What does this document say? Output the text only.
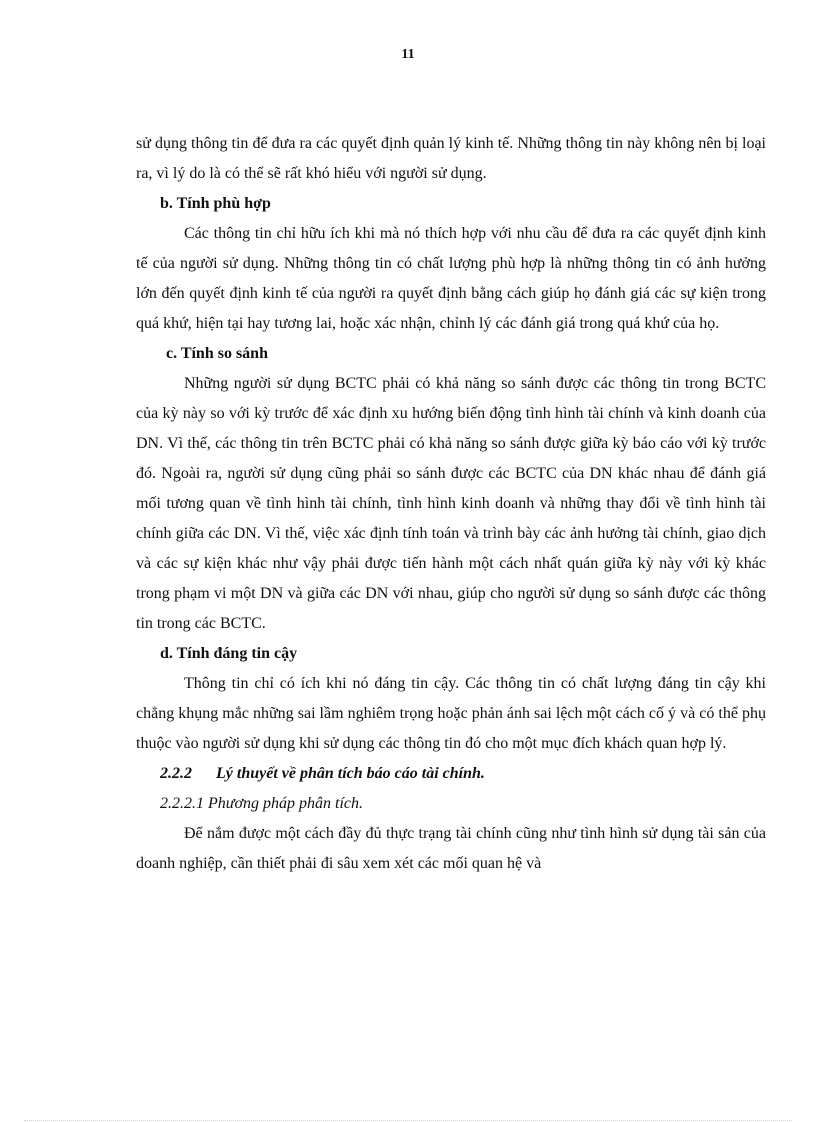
11

sử dụng thông tin để đưa ra các quyết định quản lý kinh tế. Những thông tin này không nên bị loại ra, vì lý do là có thể sẽ rất khó hiểu với người sử dụng.

b. Tính phù hợp

Các thông tin chỉ hữu ích khi mà nó thích hợp với nhu cầu để đưa ra các quyết định kinh tế của người sử dụng. Những thông tin có chất lượng phù hợp là những thông tin có ảnh hưởng lớn đến quyết định kinh tế của người ra quyết định bằng cách giúp họ đánh giá các sự kiện trong quá khứ, hiện tại hay tương lai, hoặc xác nhận, chỉnh lý các đánh giá trong quá khứ của họ.

c. Tính so sánh

Những người sử dụng BCTC phải có khả năng so sánh được các thông tin trong BCTC của kỳ này so với kỳ trước để xác định xu hướng biến động tình hình tài chính và kinh doanh của DN. Vì thế, các thông tin trên BCTC phải có khả năng so sánh được giữa kỳ báo cáo với kỳ trước đó. Ngoài ra, người sử dụng cũng phải so sánh được các BCTC của DN khác nhau để đánh giá mối tương quan về tình hình tài chính, tình hình kinh doanh và những thay đổi về tình hình tài chính giữa các DN. Vì thế, việc xác định tính toán và trình bày các ảnh hưởng tài chính, giao dịch và các sự kiện khác như vậy phải được tiến hành một cách nhất quán giữa kỳ này với kỳ khác trong phạm vi một DN và giữa các DN với nhau, giúp cho người sử dụng so sánh được các thông tin trong các BCTC.

d. Tính đáng tin cậy

Thông tin chỉ có ích khi nó đáng tin cậy. Các thông tin có chất lượng đáng tin cậy khi chẳng khụng mắc những sai lầm nghiêm trọng hoặc phản ánh sai lệch một cách cố ý và có thể phụ thuộc vào người sử dụng khi sử dụng các thông tin đó cho một mục đích khách quan hợp lý.

2.2.2 Lý thuyết về phân tích báo cáo tài chính.

2.2.2.1 Phương pháp phân tích.

Để nắm được một cách đầy đủ thực trạng tài chính cũng như tình hình sử dụng tài sản của doanh nghiệp, cần thiết phải đi sâu xem xét các mối quan hệ và
